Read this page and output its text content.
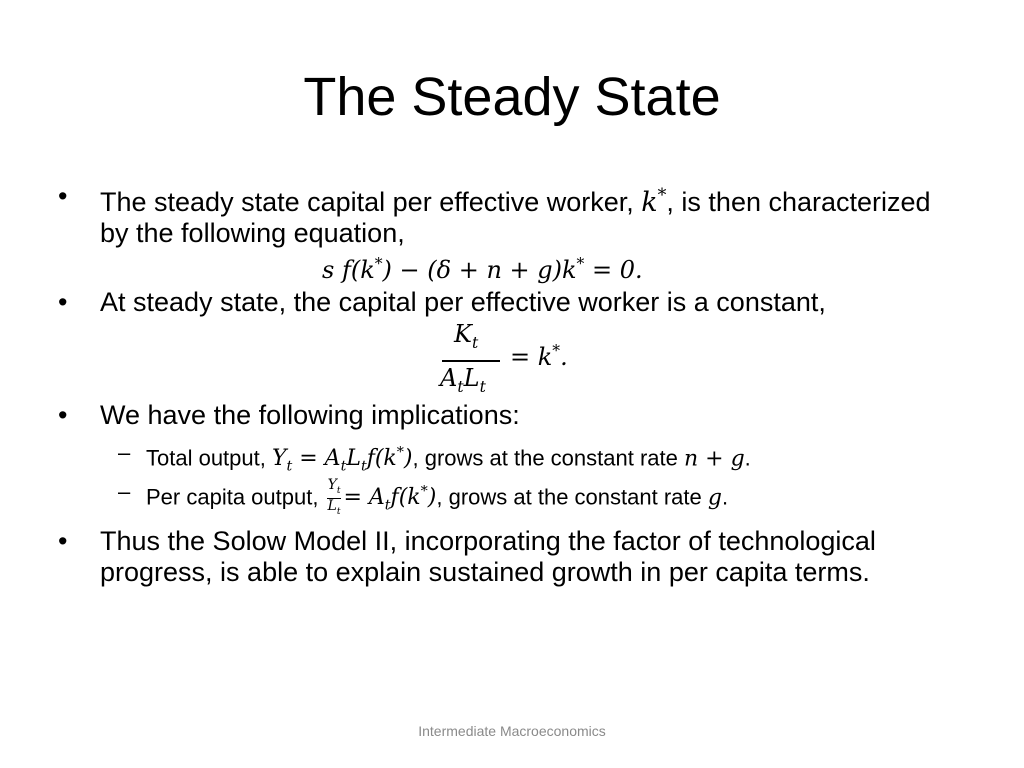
The Steady State
• The steady state capital per effective worker, k*, is then characterized by the following equation,
s f(k*) − (δ + n + g)k* = 0.
• At steady state, the capital per effective worker is a constant,
$K_t$
$A_tL_t$
= k*.
• We have the following implications:
– Total output, $Y_t = A_tL_tf(k^*)$, grows at the constant rate n + g.
– Per capita output, $\frac{Y_t}{L_t} = A_tf(k^*)$, grows at the constant rate g.
• Thus the Solow Model II, incorporating the factor of technological progress, is able to explain sustained growth in per capita terms.
Intermediate Macroeconomics
